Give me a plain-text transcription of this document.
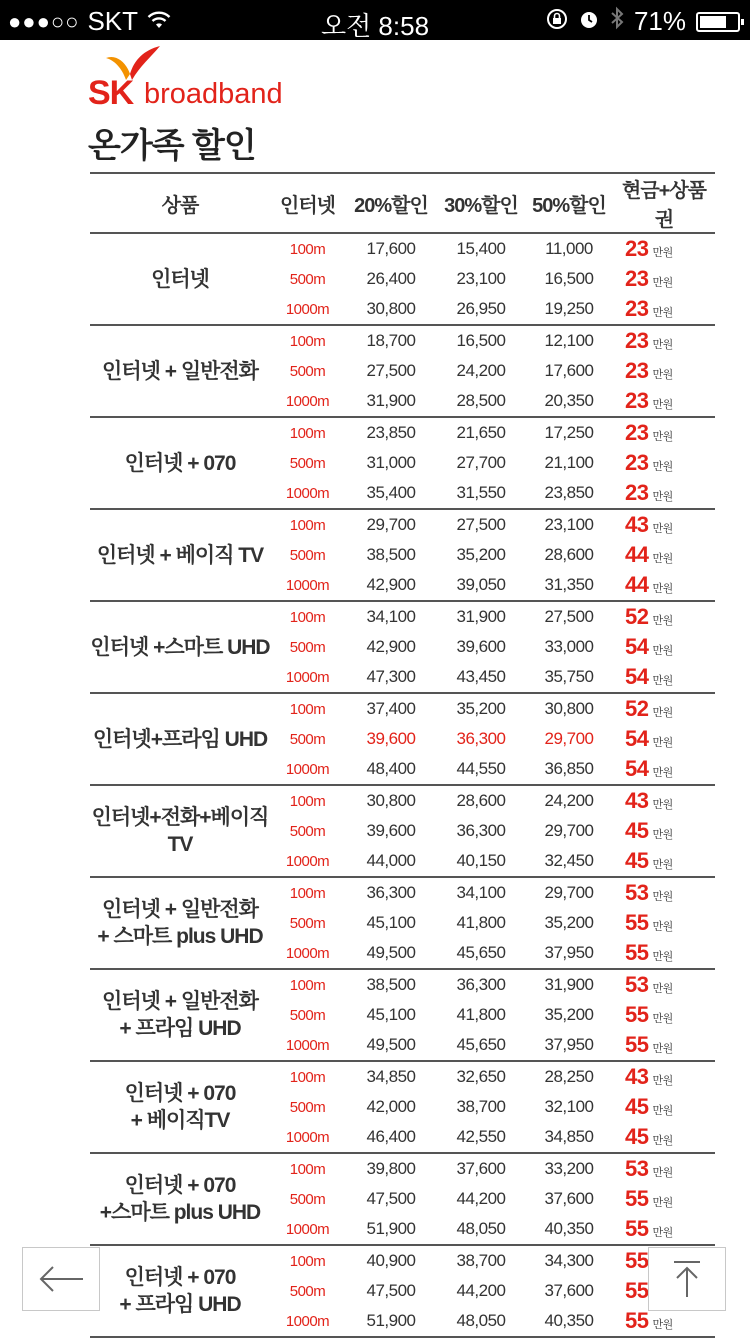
●●●○○ SKT	오전 8:58	71%
SK broadband
온가족 할인
상품	인터넷	20%할인	30%할인	50%할인	현금+상품권

인터넷	100m	17,600	15,400	11,000	23 만원
	500m	26,400	23,100	16,500	23 만원
	1000m	30,800	26,950	19,250	23 만원

인터넷 + 일반전화	100m	18,700	16,500	12,100	23 만원
	500m	27,500	24,200	17,600	23 만원
	1000m	31,900	28,500	20,350	23 만원

인터넷 + 070	100m	23,850	21,650	17,250	23 만원
	500m	31,000	27,700	21,100	23 만원
	1000m	35,400	31,550	23,850	23 만원

인터넷 + 베이직 TV	100m	29,700	27,500	23,100	43 만원
	500m	38,500	35,200	28,600	44 만원
	1000m	42,900	39,050	31,350	44 만원

인터넷 +스마트 UHD	100m	34,100	31,900	27,500	52 만원
	500m	42,900	39,600	33,000	54 만원
	1000m	47,300	43,450	35,750	54 만원

인터넷+프라임 UHD	100m	37,400	35,200	30,800	52 만원
	500m	39,600	36,300	29,700	54 만원
	1000m	48,400	44,550	36,850	54 만원

인터넷+전화+베이직TV	100m	30,800	28,600	24,200	43 만원
	500m	39,600	36,300	29,700	45 만원
	1000m	44,000	40,150	32,450	45 만원

인터넷 + 일반전화
+ 스마트 plus UHD	100m	36,300	34,100	29,700	53 만원
	500m	45,100	41,800	35,200	55 만원
	1000m	49,500	45,650	37,950	55 만원

인터넷 + 일반전화
+ 프라임 UHD	100m	38,500	36,300	31,900	53 만원
	500m	45,100	41,800	35,200	55 만원
	1000m	49,500	45,650	37,950	55 만원

인터넷 + 070
+ 베이직TV	100m	34,850	32,650	28,250	43 만원
	500m	42,000	38,700	32,100	45 만원
	1000m	46,400	42,550	34,850	45 만원

인터넷 + 070
+스마트 plus UHD	100m	39,800	37,600	33,200	53 만원
	500m	47,500	44,200	37,600	55 만원
	1000m	51,900	48,050	40,350	55 만원

인터넷 + 070
+ 프라임 UHD	100m	40,900	38,700	34,300	55
	500m	47,500	44,200	37,600	55
	1000m	51,900	48,050	40,350	55 만원
